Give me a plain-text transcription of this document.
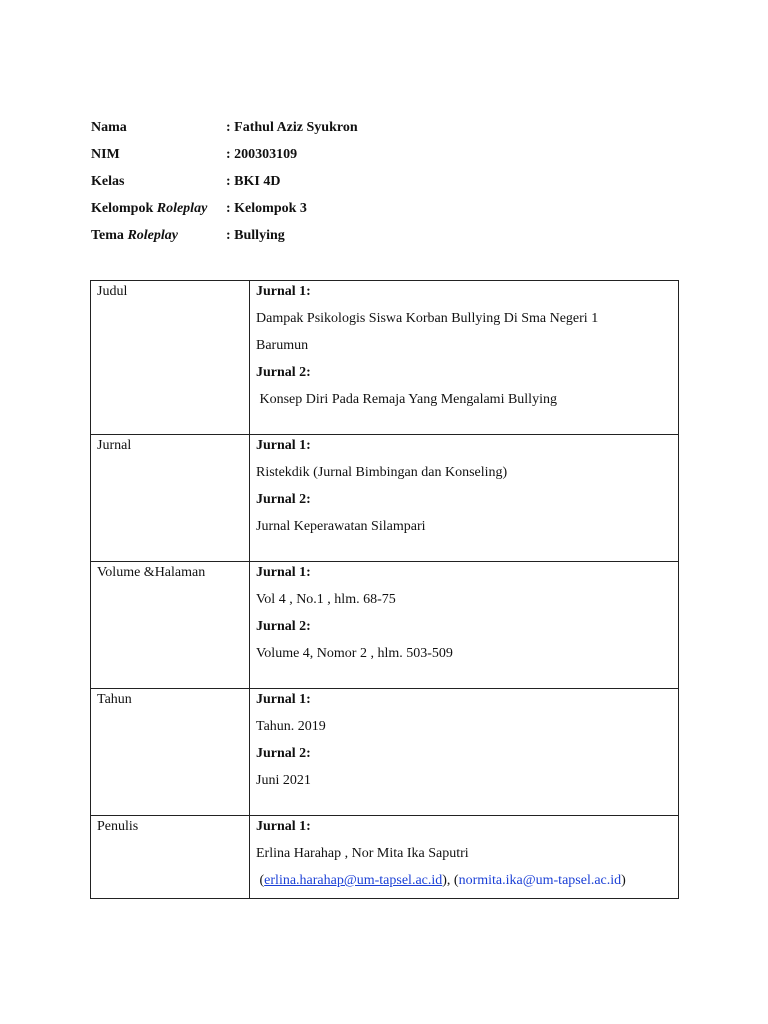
Nama	: Fathul Aziz Syukron
NIM	: 200303109
Kelas	: BKI 4D
Kelompok Roleplay : Kelompok 3
Tema Roleplay	: Bullying
Judul	Jurnal 1:
Dampak Psikologis Siswa Korban Bullying Di Sma Negeri 1
Barumun
Jurnal 2:
Konsep Diri Pada Remaja Yang Mengalami Bullying

Jurnal	Jurnal 1:
Ristekdik (Jurnal Bimbingan dan Konseling)
Jurnal 2:
Jurnal Keperawatan Silampari

Volume &Halaman	Jurnal 1:
Vol 4 , No.1 , hlm. 68-75
Jurnal 2:
Volume 4, Nomor 2 , hlm. 503-509

Tahun	Jurnal 1:
Tahun. 2019
Jurnal 2:
Juni 2021

Penulis	Jurnal 1:
Erlina Harahap , Nor Mita Ika Saputri
(erlina.harahap@um-tapsel.ac.id), (normita.ika@um-tapsel.ac.id)
